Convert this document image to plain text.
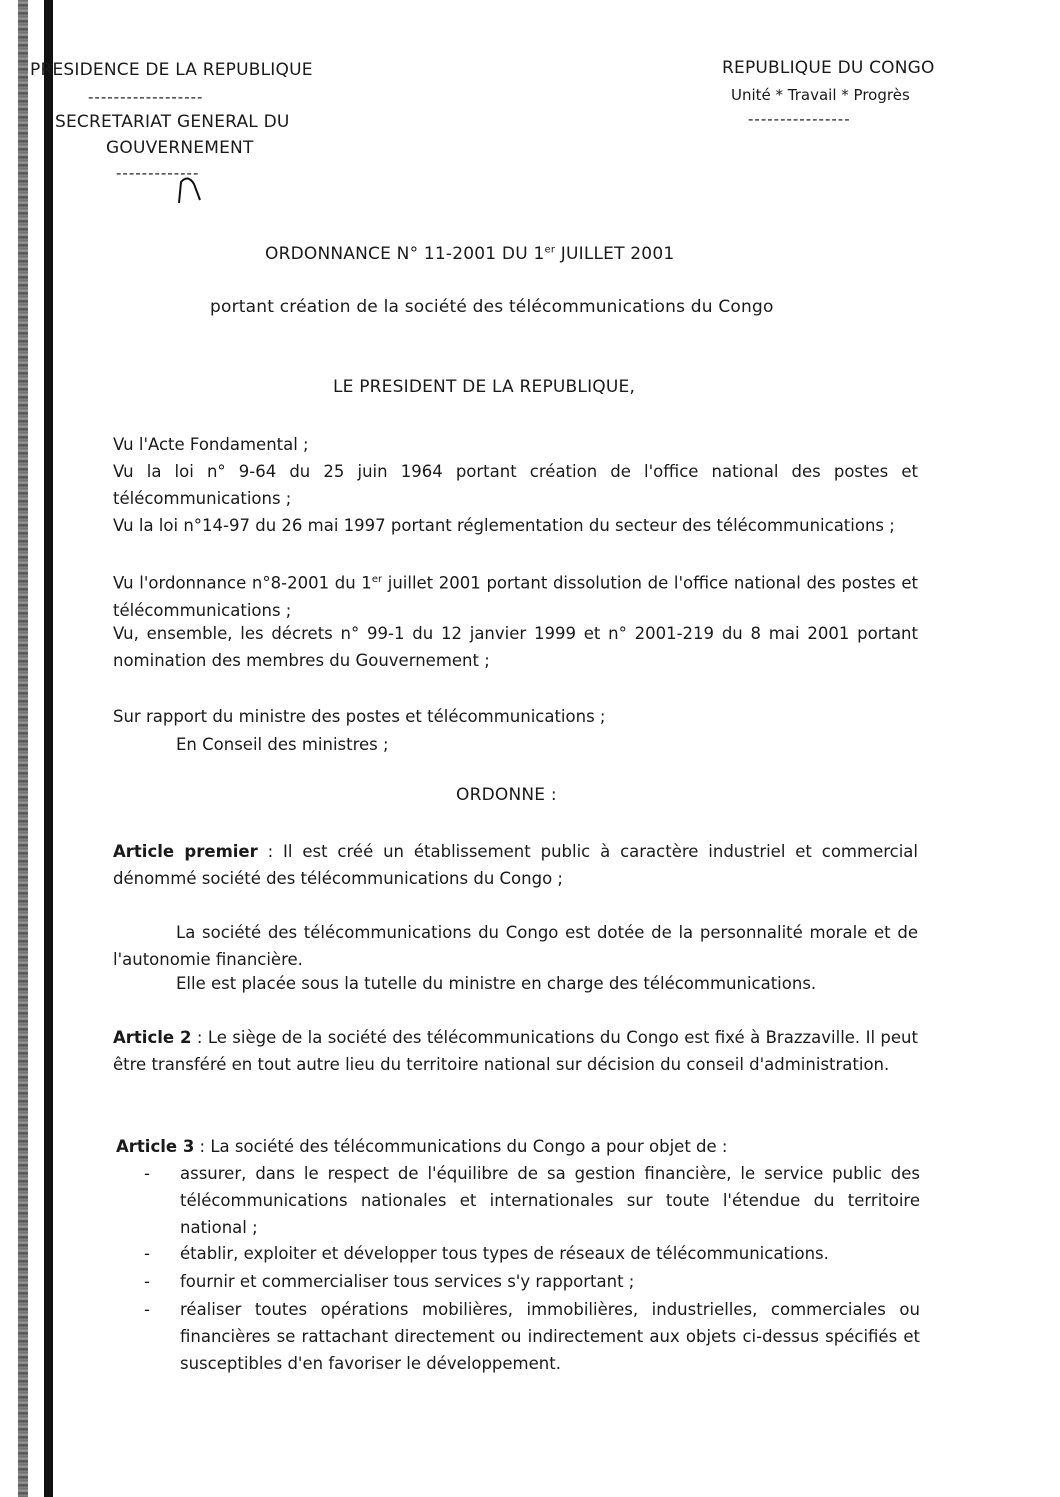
PRESIDENCE DE LA REPUBLIQUE
------------------
SECRETARIAT GENERAL DU
GOUVERNEMENT
-------------
REPUBLIQUE DU CONGO
Unité * Travail * Progrès
----------------
ORDONNANCE N° 11-2001 DU 1er JUILLET 2001
portant création de la société des télécommunications du Congo
LE PRESIDENT DE LA REPUBLIQUE,
Vu l'Acte Fondamental ;
Vu la loi n° 9-64 du 25 juin 1964 portant création de l'office national des postes et télécommunications ;
Vu la loi n°14-97 du 26 mai 1997 portant réglementation du secteur des télécommunications ;
Vu l'ordonnance n°8-2001 du 1er juillet 2001 portant dissolution de l'office national des postes et télécommunications ;
Vu, ensemble, les décrets n° 99-1 du 12 janvier 1999 et n° 2001-219 du 8 mai 2001 portant nomination des membres du Gouvernement ;
Sur rapport du ministre des postes et télécommunications ;
En Conseil des ministres ;
ORDONNE :
Article premier : Il est créé un établissement public à caractère industriel et commercial dénommé société des télécommunications du Congo ;
La société des télécommunications du Congo est dotée de la personnalité morale et de l'autonomie financière.
Elle est placée sous la tutelle du ministre en charge des télécommunications.
Article 2 : Le siège de la société des télécommunications du Congo est fixé à Brazzaville. Il peut être transféré en tout autre lieu du territoire national sur décision du conseil d'administration.
Article 3 : La société des télécommunications du Congo a pour objet de :
- assurer, dans le respect de l'équilibre de sa gestion financière, le service public des télécommunications nationales et internationales sur toute l'étendue du territoire national ;
- établir, exploiter et développer tous types de réseaux de télécommunications.
- fournir et commercialiser tous services s'y rapportant ;
- réaliser toutes opérations mobilières, immobilières, industrielles, commerciales ou financières se rattachant directement ou indirectement aux objets ci-dessus spécifiés et susceptibles d'en favoriser le développement.
